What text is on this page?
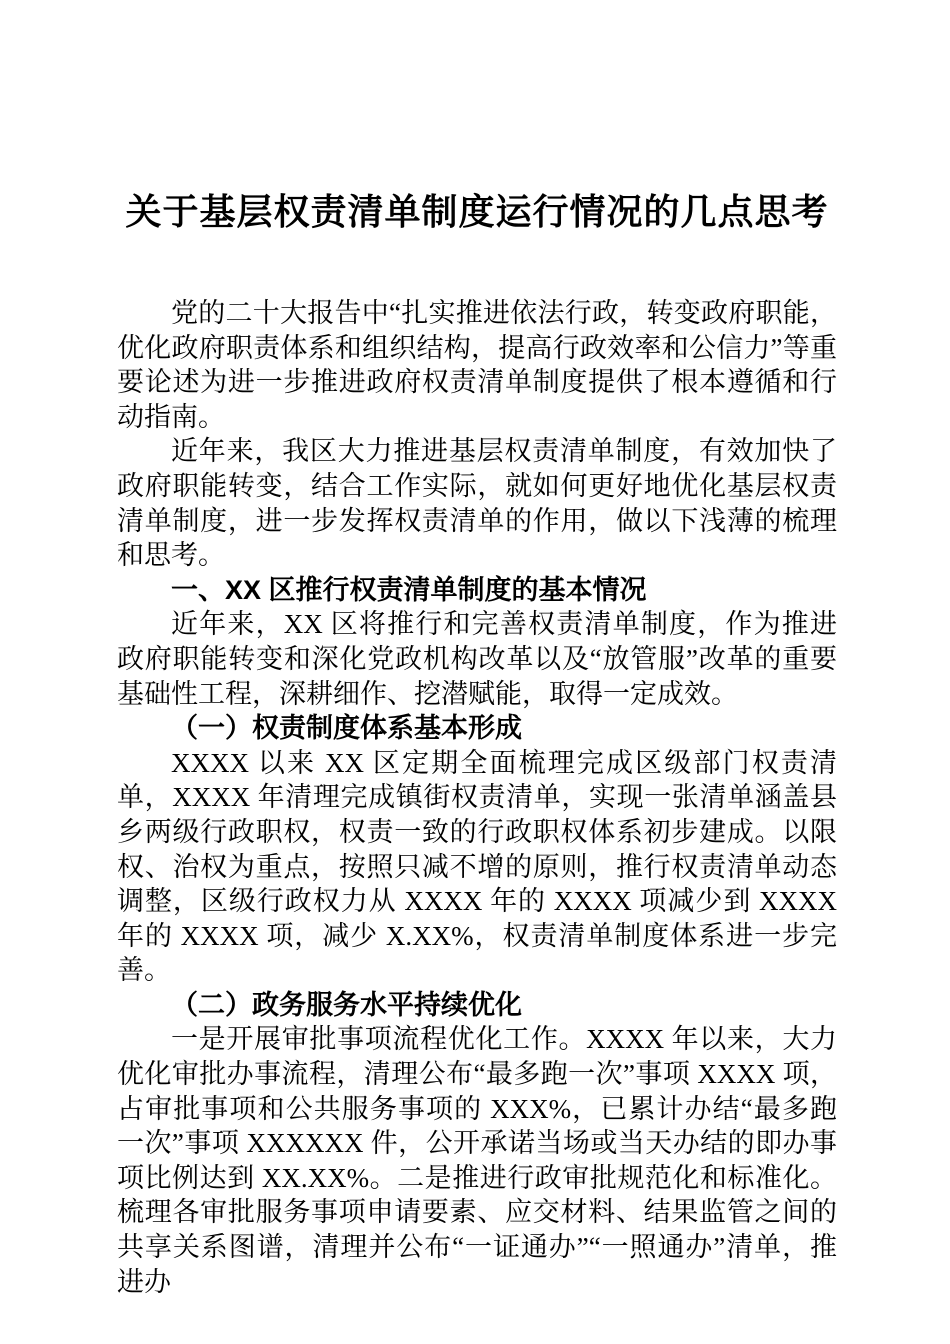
关于基层权责清单制度运行情况的几点思考

党的二十大报告中“扎实推进依法行政，转变政府职能，优化政府职责体系和组织结构，提高行政效率和公信力”等重要论述为进一步推进政府权责清单制度提供了根本遵循和行动指南。

近年来，我区大力推进基层权责清单制度，有效加快了政府职能转变，结合工作实际，就如何更好地优化基层权责清单制度，进一步发挥权责清单的作用，做以下浅薄的梳理和思考。

一、XX 区推行权责清单制度的基本情况

近年来，XX 区将推行和完善权责清单制度，作为推进政府职能转变和深化党政机构改革以及“放管服”改革的重要基础性工程，深耕细作、挖潜赋能，取得一定成效。

（一）权责制度体系基本形成

XXXX 以来 XX 区定期全面梳理完成区级部门权责清单，XXXX 年清理完成镇街权责清单，实现一张清单涵盖县乡两级行政职权，权责一致的行政职权体系初步建成。以限权、治权为重点，按照只减不增的原则，推行权责清单动态调整，区级行政权力从 XXXX 年的 XXXX 项减少到 XXXX 年的 XXXX 项，减少 X.XX%，权责清单制度体系进一步完善。

（二）政务服务水平持续优化

一是开展审批事项流程优化工作。XXXX 年以来，大力优化审批办事流程，清理公布“最多跑一次”事项 XXXX 项，占审批事项和公共服务事项的 XXX%，已累计办结“最多跑一次”事项 XXXXXX 件，公开承诺当场或当天办结的即办事项比例达到 XX.XX%。二是推进行政审批规范化和标准化。梳理各审批服务事项申请要素、应交材料、结果监管之间的共享关系图谱，清理并公布“一证通办”“一照通办”清单，推进办
